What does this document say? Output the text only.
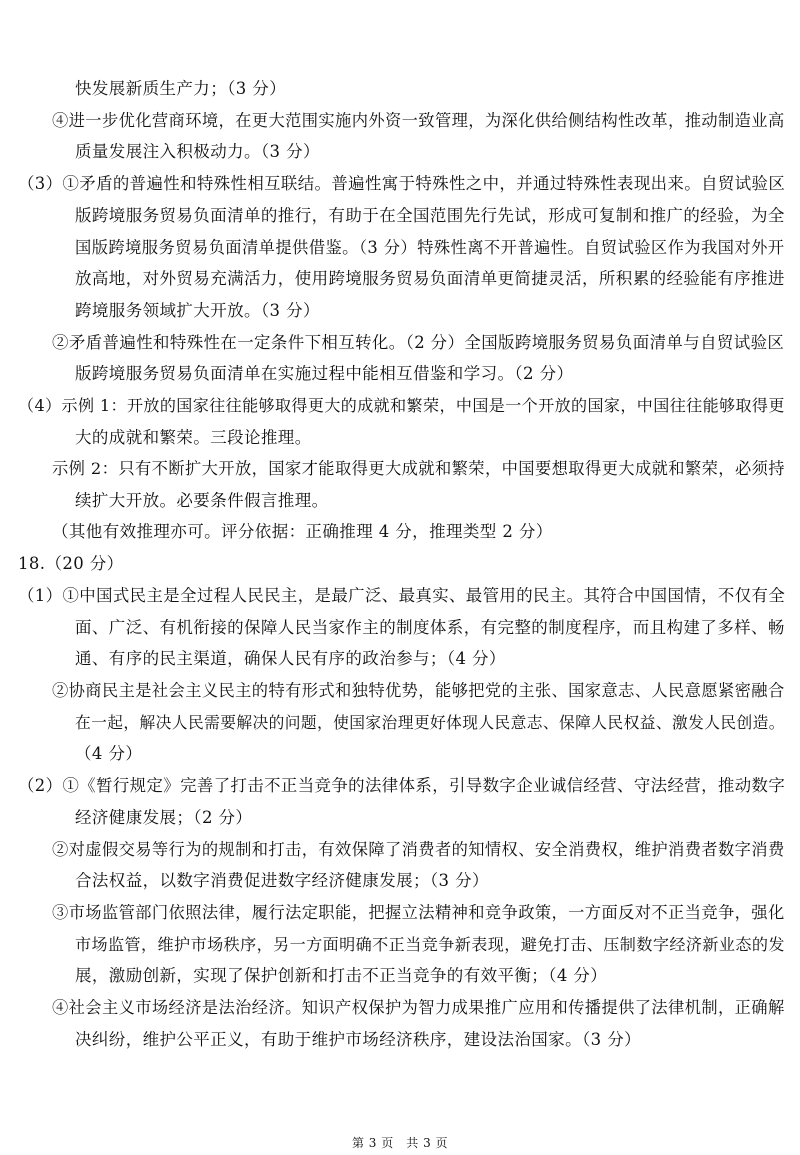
快发展新质生产力；（3 分）
④进一步优化营商环境，在更大范围实施内外资一致管理，为深化供给侧结构性改革，推动制造业高
质量发展注入积极动力。（3 分）
（3）①矛盾的普遍性和特殊性相互联结。普遍性寓于特殊性之中，并通过特殊性表现出来。自贸试验区
版跨境服务贸易负面清单的推行，有助于在全国范围先行先试，形成可复制和推广的经验，为全
国版跨境服务贸易负面清单提供借鉴。（3 分）特殊性离不开普遍性。自贸试验区作为我国对外开
放高地，对外贸易充满活力，使用跨境服务贸易负面清单更简捷灵活，所积累的经验能有序推进
跨境服务领域扩大开放。（3 分）
②矛盾普遍性和特殊性在一定条件下相互转化。（2 分）全国版跨境服务贸易负面清单与自贸试验区
版跨境服务贸易负面清单在实施过程中能相互借鉴和学习。（2 分）
（4）示例 1：开放的国家往往能够取得更大的成就和繁荣，中国是一个开放的国家，中国往往能够取得更
大的成就和繁荣。三段论推理。
示例 2：只有不断扩大开放，国家才能取得更大成就和繁荣，中国要想取得更大成就和繁荣，必须持
续扩大开放。必要条件假言推理。
（其他有效推理亦可。评分依据：正确推理 4 分，推理类型 2 分）
18.（20 分）
（1）①中国式民主是全过程人民民主，是最广泛、最真实、最管用的民主。其符合中国国情，不仅有全
面、广泛、有机衔接的保障人民当家作主的制度体系，有完整的制度程序，而且构建了多样、畅
通、有序的民主渠道，确保人民有序的政治参与；（4 分）
②协商民主是社会主义民主的特有形式和独特优势，能够把党的主张、国家意志、人民意愿紧密融合
在一起，解决人民需要解决的问题，使国家治理更好体现人民意志、保障人民权益、激发人民创造。
（4 分）
（2）①《暂行规定》完善了打击不正当竞争的法律体系，引导数字企业诚信经营、守法经营，推动数字
经济健康发展；（2 分）
②对虚假交易等行为的规制和打击，有效保障了消费者的知情权、安全消费权，维护消费者数字消费
合法权益，以数字消费促进数字经济健康发展；（3 分）
③市场监管部门依照法律，履行法定职能，把握立法精神和竞争政策，一方面反对不正当竞争，强化
市场监管，维护市场秩序，另一方面明确不正当竞争新表现，避免打击、压制数字经济新业态的发
展，激励创新，实现了保护创新和打击不正当竞争的有效平衡；（4 分）
④社会主义市场经济是法治经济。知识产权保护为智力成果推广应用和传播提供了法律机制，正确解
决纠纷，维护公平正义，有助于维护市场经济秩序，建设法治国家。（3 分）
第 3 页　共 3 页
